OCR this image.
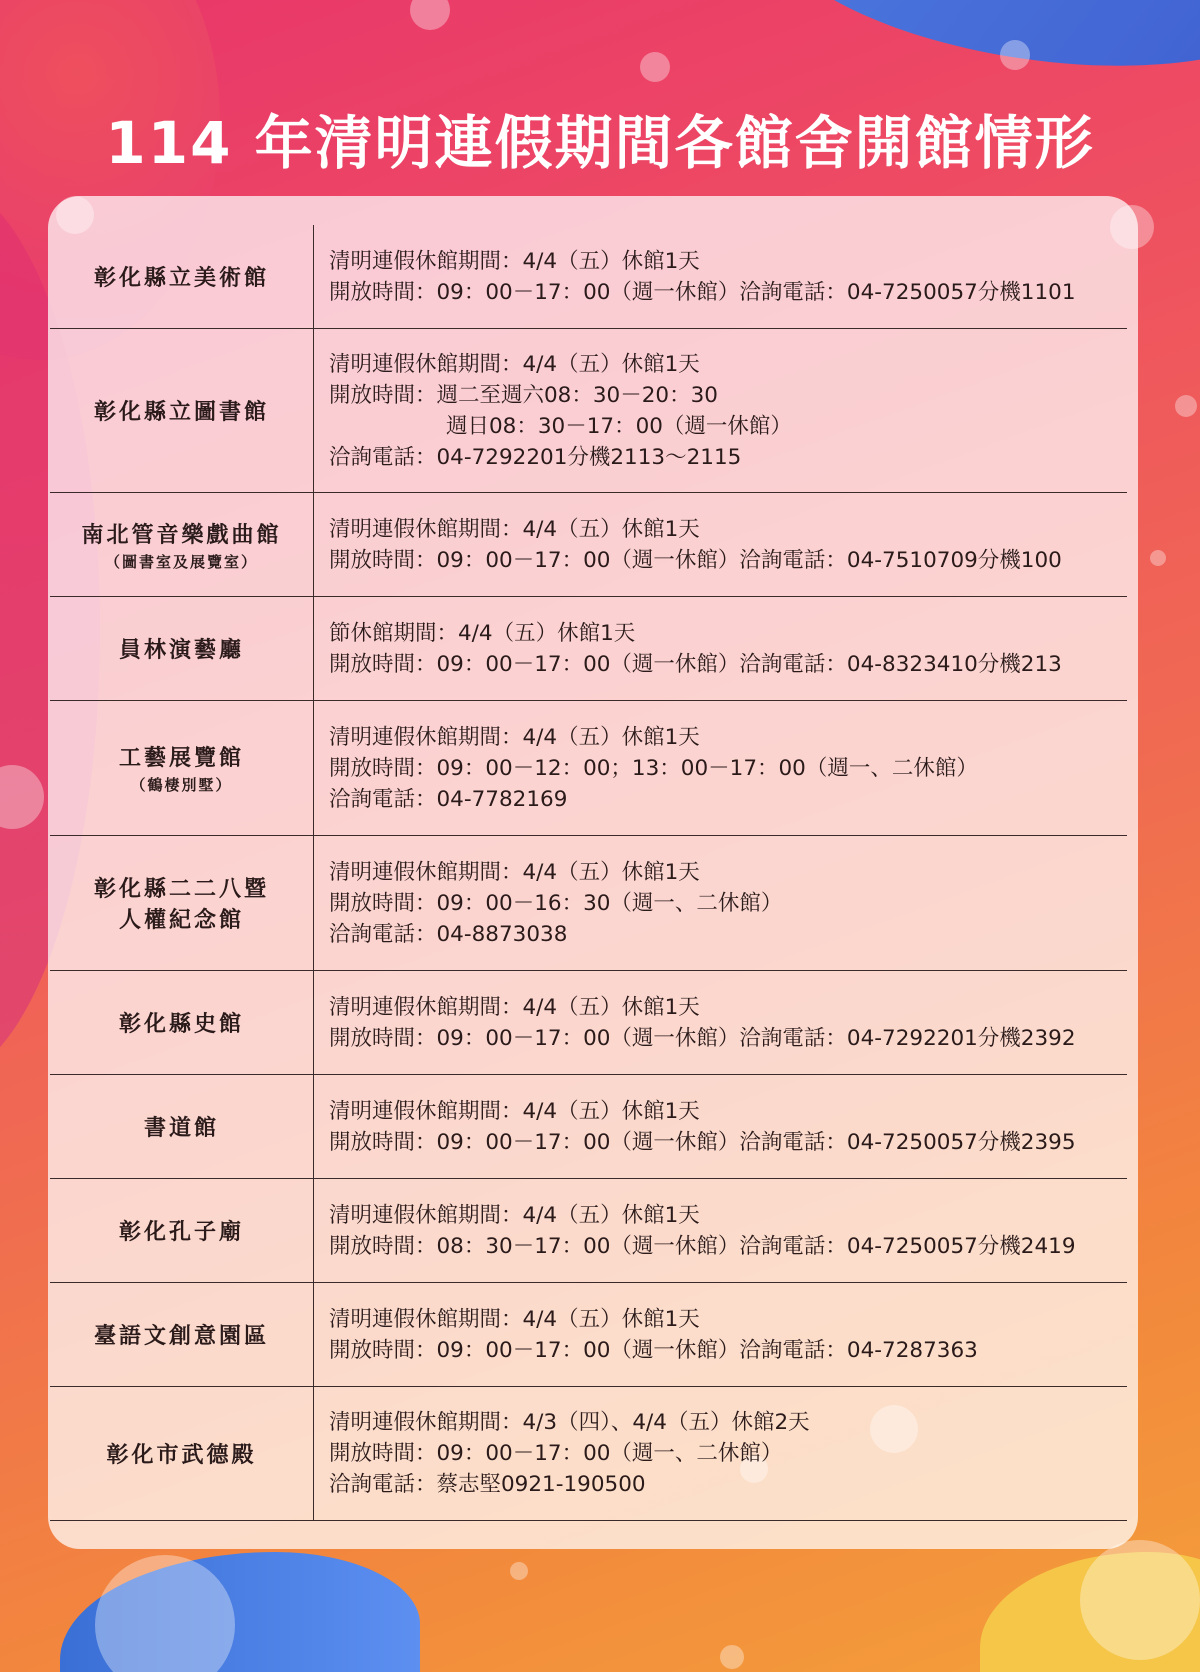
114 年清明連假期間各館舍開館情形
彰化縣立美術館
清明連假休館期間：4/4（五）休館1天
開放時間：09：00－17：00（週一休館）洽詢電話：04-7250057分機1101
彰化縣立圖書館
清明連假休館期間：4/4（五）休館1天
開放時間：週二至週六08：30－20：30
週日08：30－17：00（週一休館）
洽詢電話：04-7292201分機2113～2115
南北管音樂戲曲館
（圖書室及展覽室）
清明連假休館期間：4/4（五）休館1天
開放時間：09：00－17：00（週一休館）洽詢電話：04-7510709分機100
員林演藝廳
節休館期間：4/4（五）休館1天
開放時間：09：00－17：00（週一休館）洽詢電話：04-8323410分機213
工藝展覽館
（鶴棲別墅）
清明連假休館期間：4/4（五）休館1天
開放時間：09：00－12：00；13：00－17：00（週一、二休館）
洽詢電話：04-7782169
彰化縣二二八暨
人權紀念館
清明連假休館期間：4/4（五）休館1天
開放時間：09：00－16：30（週一、二休館）
洽詢電話：04-8873038
彰化縣史館
清明連假休館期間：4/4（五）休館1天
開放時間：09：00－17：00（週一休館）洽詢電話：04-7292201分機2392
書道館
清明連假休館期間：4/4（五）休館1天
開放時間：09：00－17：00（週一休館）洽詢電話：04-7250057分機2395
彰化孔子廟
清明連假休館期間：4/4（五）休館1天
開放時間：08：30－17：00（週一休館）洽詢電話：04-7250057分機2419
臺語文創意園區
清明連假休館期間：4/4（五）休館1天
開放時間：09：00－17：00（週一休館）洽詢電話：04-7287363
彰化市武德殿
清明連假休館期間：4/3（四）、4/4（五）休館2天
開放時間：09：00－17：00（週一、二休館）
洽詢電話：蔡志堅0921-190500
